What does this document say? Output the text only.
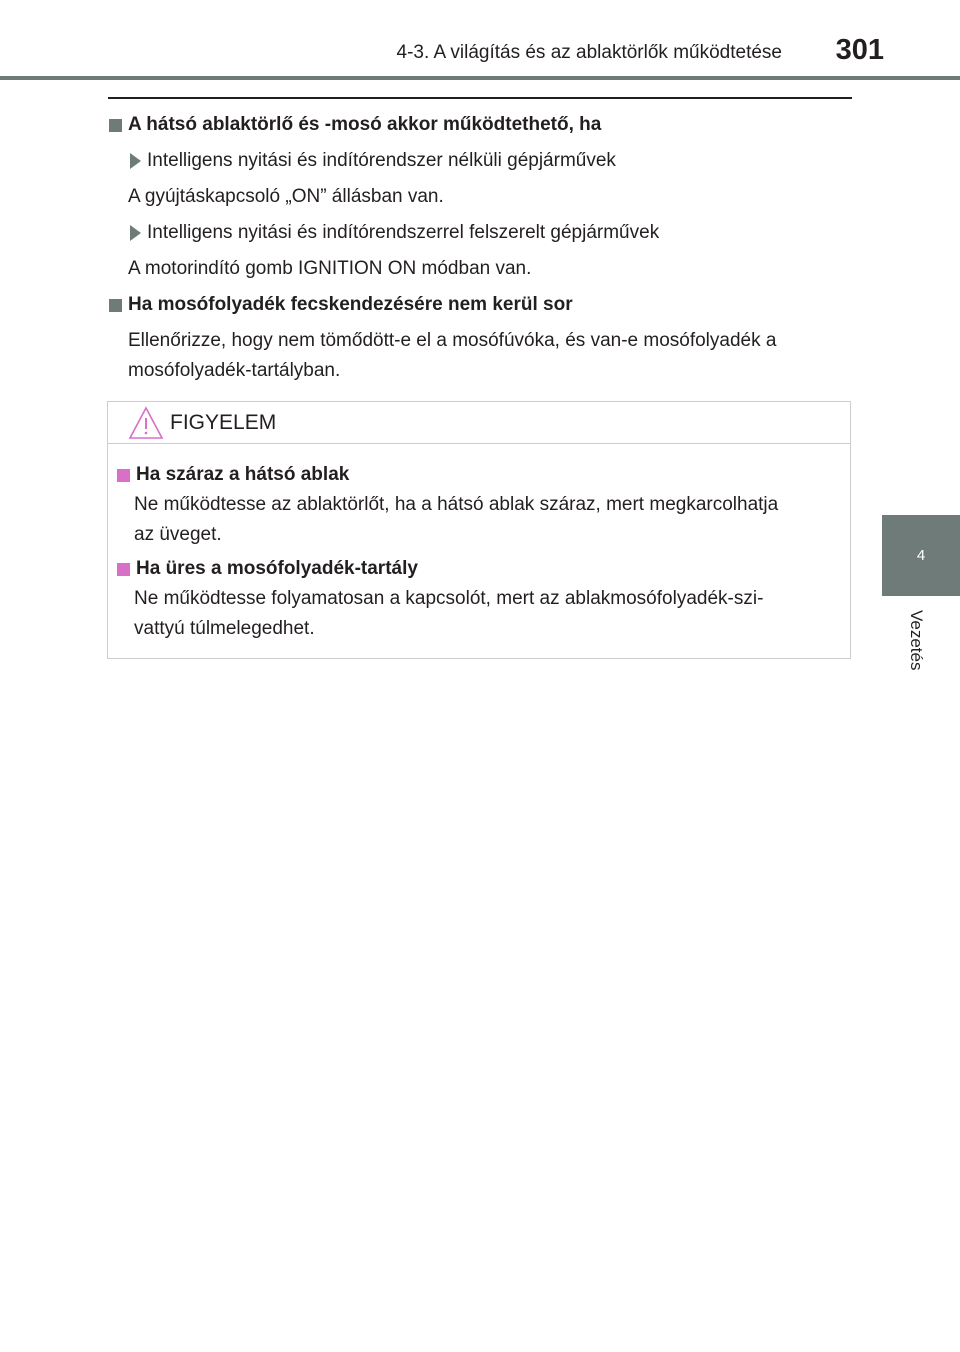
4-3. A világítás és az ablaktörlők működtetése 301
4
Vezetés
A hátsó ablaktörlő és -mosó akkor működtethető, ha
Intelligens nyitási és indítórendszer nélküli gépjárművek
A gyújtáskapcsoló „ON” állásban van.
Intelligens nyitási és indítórendszerrel felszerelt gépjárművek
A motorindító gomb IGNITION ON módban van.
Ha mosófolyadék fecskendezésére nem kerül sor
Ellenőrizze, hogy nem tömődött-e el a mosófúvóka, és van-e mosófolyadék a
mosófolyadék-tartályban.
FIGYELEM
Ha száraz a hátsó ablak
Ne működtesse az ablaktörlőt, ha a hátsó ablak száraz, mert megkarcolhatja
az üveget.
Ha üres a mosófolyadék-tartály
Ne működtesse folyamatosan a kapcsolót, mert az ablakmosófolyadék-szi-
vattyú túlmelegedhet.
